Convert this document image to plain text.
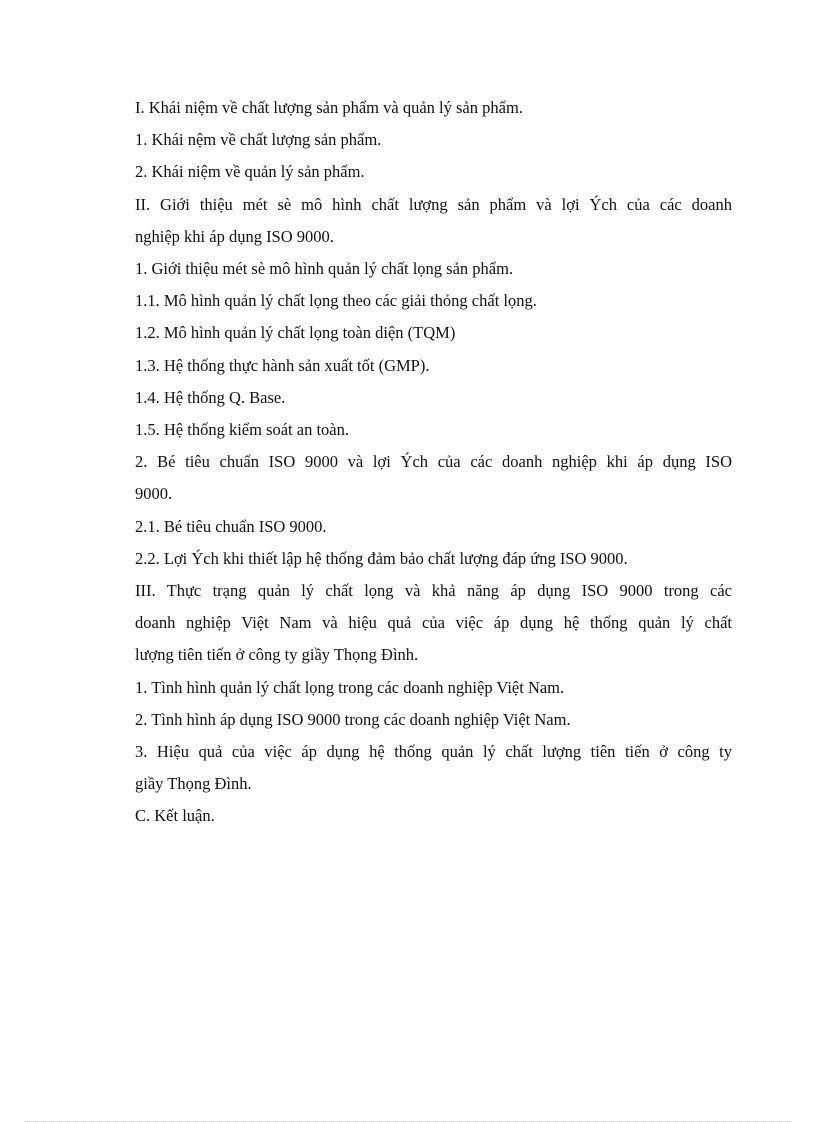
I. Khái niệm về chất lượng sản phẩm và quản lý sản phẩm.
1. Khái nệm về chất lượng sản phẩm.
2. Khái niệm về quản lý sản phẩm.
II. Giới thiệu mét sè mô hình chất lượng sản phẩm và lợi Ých của các doanh
nghiệp khi áp dụng ISO 9000.
1. Giới thiệu mét sè mô hình quản lý chất lọng sản phẩm.
1.1. Mô hình quản lý chất lọng theo các giải thỏng chất lọng.
1.2. Mô hình quản lý chất lọng toàn diện (TQM)
1.3. Hệ thống thực hành sản xuất tốt (GMP).
1.4. Hệ thống Q. Base.
1.5. Hệ thống kiểm soát an toàn.
2. Bé tiêu chuẩn ISO 9000 và lợi Ých của các doanh nghiệp khi áp dụng ISO
9000.
2.1. Bé tiêu chuẩn ISO 9000.
2.2. Lợi Ých khi thiết lập hệ thống đảm bảo chất lượng đáp ứng ISO 9000.
III. Thực trạng quản lý chất lọng và khả năng áp dụng ISO 9000 trong các
doanh nghiệp Việt Nam và hiệu quả của việc áp dụng hệ thống quản lý chất
lượng tiên tiến ở công ty giầy Thọng Đình.
1. Tình hình quản lý chất lọng trong các doanh nghiệp Việt Nam.
2. Tình hình áp dụng ISO 9000 trong các doanh nghiệp Việt Nam.
3. Hiệu quả của việc áp dụng hệ thống quản lý chất lượng tiên tiến ở công ty
giầy Thọng Đình.
C. Kết luận.
